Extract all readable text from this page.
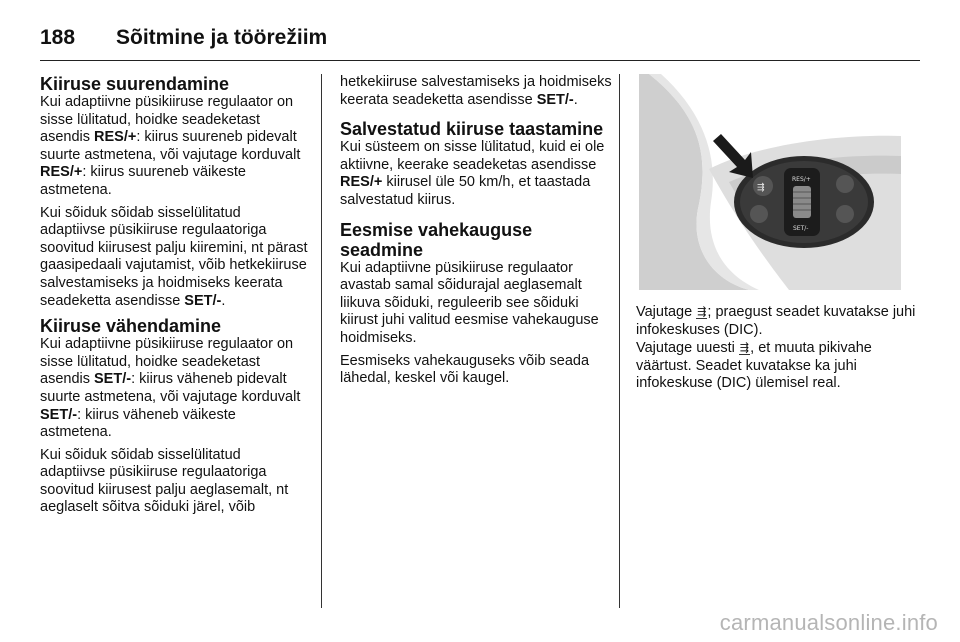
188	Sõitmine ja töörežiim
Kiiruse suurendamine

Kui adaptiivne püsikiiruse regulaator on sisse lülitatud, hoidke seadeketast asendis RES/+: kiirus suureneb pidevalt suurte astmetena, või vajutage korduvalt RES/+: kiirus suureneb väikeste astmetena.

Kui sõiduk sõidab sisselülitatud adaptiivse püsikiiruse regulaatoriga soovitud kiirusest palju kiiremini, nt pärast gaasipedaali vajutamist, võib hetkekiiruse salvestamiseks ja hoidmiseks keerata seadeketta asendisse SET/-.

Kiiruse vähendamine

Kui adaptiivne püsikiiruse regulaator on sisse lülitatud, hoidke seadeketast asendis SET/-: kiirus väheneb pidevalt suurte astmetena, või vajutage korduvalt SET/-: kiirus väheneb väikeste astmetena.

Kui sõiduk sõidab sisselülitatud adaptiivse püsikiiruse regulaatoriga soovitud kiirusest palju aeglasemalt, nt aeglaselt sõitva sõiduki järel, võib

hetkekiiruse salvestamiseks ja hoidmiseks keerata seadeketta asendisse SET/-.

Salvestatud kiiruse taastamine

Kui süsteem on sisse lülitatud, kuid ei ole aktiivne, keerake seadeketas asendisse RES/+ kiirusel üle 50 km/h, et taastada salvestatud kiirus.

Eesmise vahekauguse seadmine

Kui adaptiivne püsikiiruse regulaator avastab samal sõidurajal aeglasemalt liikuva sõiduki, reguleerib see sõiduki kiirust juhi valitud eesmise vahekauguse hoidmiseks.

Eesmiseks vahekauguseks võib seada lähedal, keskel või kaugel.

⇶
RES/+
SET/-

Vajutage ⇶; praegust seadet kuvatakse juhi infokeskuses (DIC).

Vajutage uuesti ⇶, et muuta pikivahe väärtust. Seadet kuvatakse ka juhi infokeskuse (DIC) ülemisel real.

carmanualsonline.info
